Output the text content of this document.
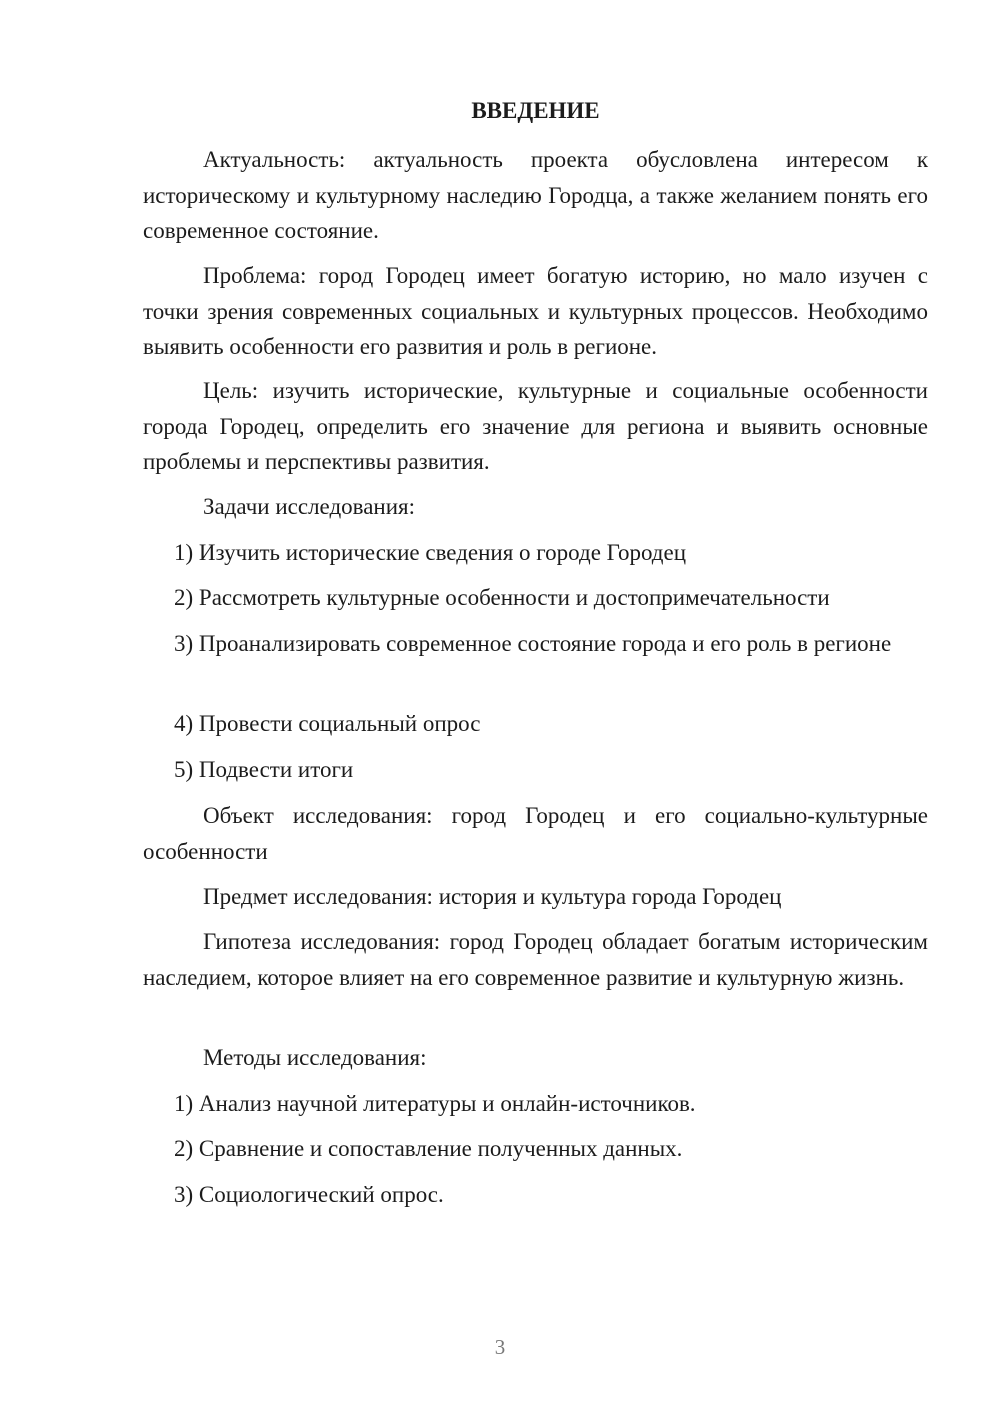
ВВЕДЕНИЕ

Актуальность: актуальность проекта обусловлена интересом к историческому и культурному наследию Городца, а также желанием понять его современное состояние.

Проблема: город Городец имеет богатую историю, но мало изучен с точки зрения современных социальных и культурных процессов. Необходимо выявить особенности его развития и роль в регионе.

Цель: изучить исторические, культурные и социальные особенности города Городец, определить его значение для региона и выявить основные проблемы и перспективы развития.

Задачи исследования:

1) Изучить исторические сведения о городе Городец

2) Рассмотреть культурные особенности и достопримечательности

3) Проанализировать современное состояние города и его роль в регионе

4) Провести социальный опрос

5) Подвести итоги

Объект исследования: город Городец и его социально-культурные особенности

Предмет исследования: история и культура города Городец

Гипотеза исследования: город Городец обладает богатым историческим наследием, которое влияет на его современное развитие и культурную жизнь.

Методы исследования:

1) Анализ научной литературы и онлайн-источников.

2) Сравнение и сопоставление полученных данных.

3) Социологический опрос.

3
